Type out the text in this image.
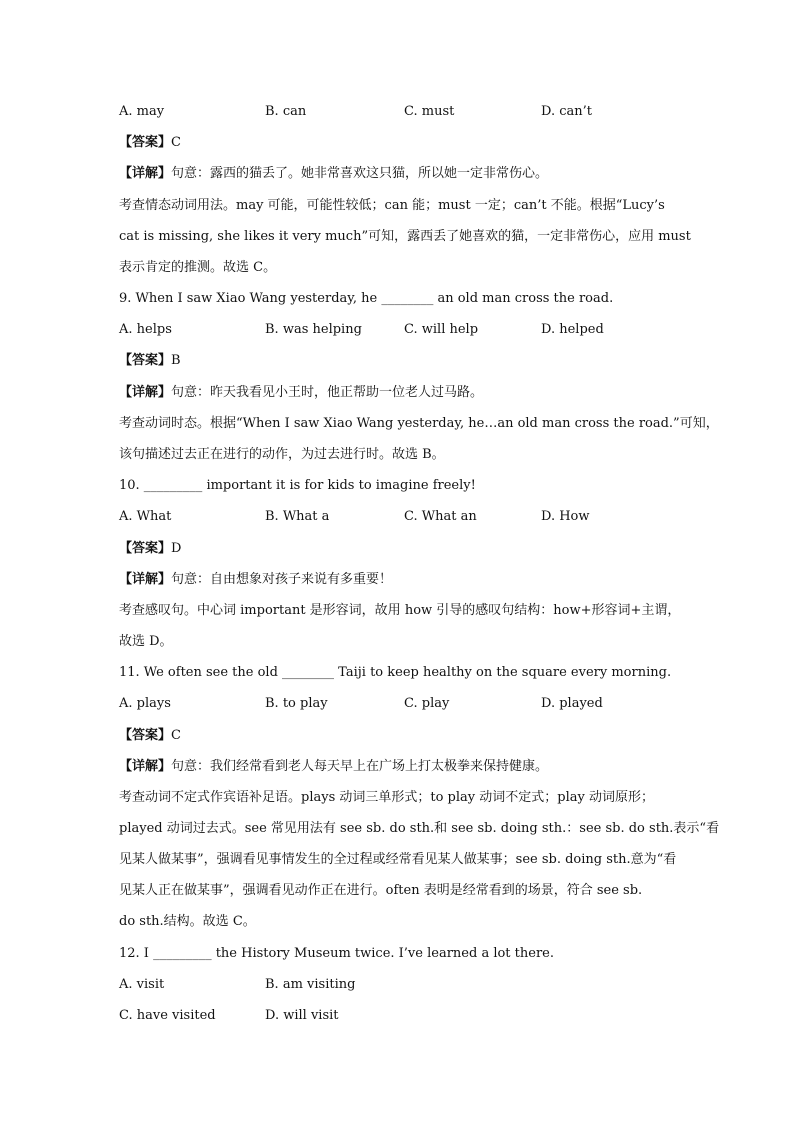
A. may	B. can	C. must	D. can’t
【答案】C
【详解】句意：露西的猫丢了。她非常喜欢这只猫，所以她一定非常伤心。
考查情态动词用法。may 可能，可能性较低；can 能；must 一定；can’t 不能。根据“Lucy’s
cat is missing, she likes it very much”可知，露西丢了她喜欢的猫，一定非常伤心，应用 must
表示肯定的推测。故选 C。
9. When I saw Xiao Wang yesterday, he ________ an old man cross the road.
A. helps	B. was helping	C. will help	D. helped
【答案】B
【详解】句意：昨天我看见小王时，他正帮助一位老人过马路。
考查动词时态。根据“When I saw Xiao Wang yesterday, he…an old man cross the road.”可知，
该句描述过去正在进行的动作，为过去进行时。故选 B。
10. _________ important it is for kids to imagine freely!
A. What	B. What a	C. What an	D. How
【答案】D
【详解】句意：自由想象对孩子来说有多重要！
考查感叹句。中心词 important 是形容词，故用 how 引导的感叹句结构：how+形容词+主谓，
故选 D。
11. We often see the old ________ Taiji to keep healthy on the square every morning.
A. plays	B. to play	C. play	D. played
【答案】C
【详解】句意：我们经常看到老人每天早上在广场上打太极拳来保持健康。
考查动词不定式作宾语补足语。plays 动词三单形式；to play 动词不定式；play 动词原形；
played 动词过去式。see 常见用法有 see sb. do sth.和 see sb. doing sth.：see sb. do sth.表示“看
见某人做某事”，强调看见事情发生的全过程或经常看见某人做某事；see sb. doing sth.意为“看
见某人正在做某事”，强调看见动作正在进行。often 表明是经常看到的场景，符合 see sb.
do sth.结构。故选 C。
12. I _________ the History Museum twice. I’ve learned a lot there.
A. visit	B. am visiting
C. have visited	D. will visit
